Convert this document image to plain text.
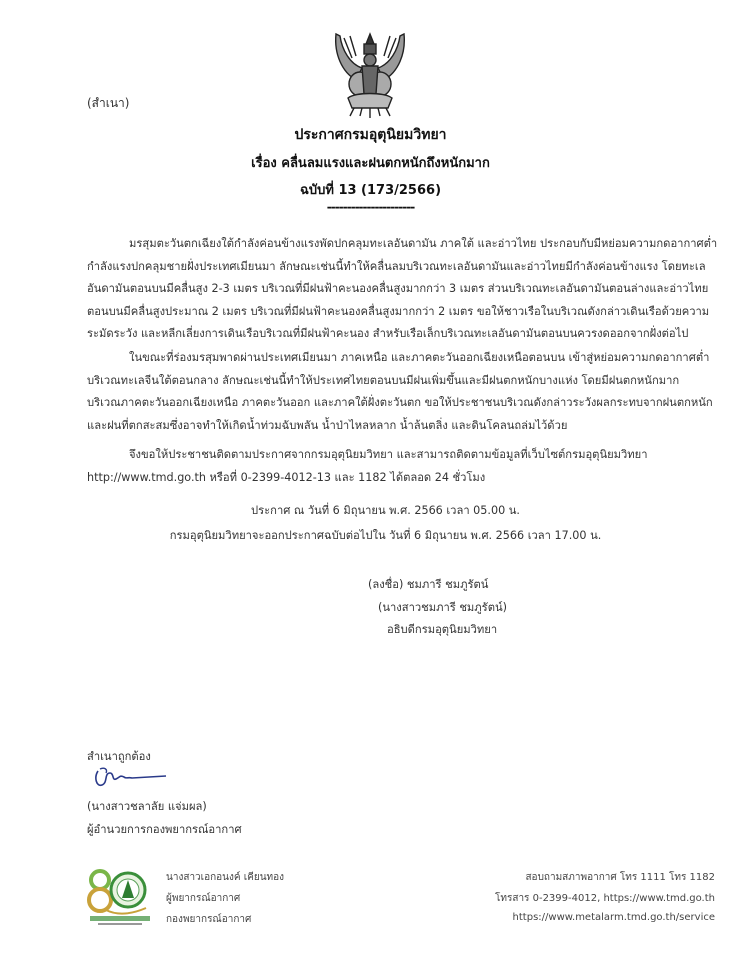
(สำเนา)
ประกาศกรมอุตุนิยมวิทยา
เรื่อง คลื่นลมแรงและฝนตกหนักถึงหนักมาก
ฉบับที่ 13 (173/2566)
----------------------
มรสุมตะวันตกเฉียงใต้กำลังค่อนข้างแรงพัดปกคลุมทะเลอันดามัน ภาคใต้ และอ่าวไทย ประกอบกับมีหย่อมความกดอากาศต่ำ
กำลังแรงปกคลุมชายฝั่งประเทศเมียนมา ลักษณะเช่นนี้ทำให้คลื่นลมบริเวณทะเลอันดามันและอ่าวไทยมีกำลังค่อนข้างแรง โดยทะเล
อันดามันตอนบนมีคลื่นสูง 2-3 เมตร บริเวณที่มีฝนฟ้าคะนองคลื่นสูงมากกว่า 3 เมตร ส่วนบริเวณทะเลอันดามันตอนล่างและอ่าวไทย
ตอนบนมีคลื่นสูงประมาณ 2 เมตร บริเวณที่มีฝนฟ้าคะนองคลื่นสูงมากกว่า 2 เมตร ขอให้ชาวเรือในบริเวณดังกล่าวเดินเรือด้วยความ
ระมัดระวัง และหลีกเลี่ยงการเดินเรือบริเวณที่มีฝนฟ้าคะนอง สำหรับเรือเล็กบริเวณทะเลอันดามันตอนบนควรงดออกจากฝั่งต่อไป
ในขณะที่ร่องมรสุมพาดผ่านประเทศเมียนมา ภาคเหนือ และภาคตะวันออกเฉียงเหนือตอนบน เข้าสู่หย่อมความกดอากาศต่ำ
บริเวณทะเลจีนใต้ตอนกลาง ลักษณะเช่นนี้ทำให้ประเทศไทยตอนบนมีฝนเพิ่มขึ้นและมีฝนตกหนักบางแห่ง โดยมีฝนตกหนักมาก
บริเวณภาคตะวันออกเฉียงเหนือ ภาคตะวันออก และภาคใต้ฝั่งตะวันตก ขอให้ประชาชนบริเวณดังกล่าวระวังผลกระทบจากฝนตกหนัก
และฝนที่ตกสะสมซึ่งอาจทำให้เกิดน้ำท่วมฉับพลัน น้ำป่าไหลหลาก น้ำล้นตลิ่ง และดินโคลนถล่มไว้ด้วย
จึงขอให้ประชาชนติดตามประกาศจากกรมอุตุนิยมวิทยา และสามารถติดตามข้อมูลที่เว็บไซต์กรมอุตุนิยมวิทยา
http://www.tmd.go.th หรือที่ 0-2399-4012-13 และ 1182 ได้ตลอด 24 ชั่วโมง
ประกาศ ณ วันที่ 6 มิถุนายน พ.ศ. 2566 เวลา 05.00 น.
กรมอุตุนิยมวิทยาจะออกประกาศฉบับต่อไปใน วันที่ 6 มิถุนายน พ.ศ. 2566 เวลา 17.00 น.
(ลงชื่อ) ชมภารี ชมภูรัตน์
(นางสาวชมภารี ชมภูรัตน์)
อธิบดีกรมอุตุนิยมวิทยา
สำเนาถูกต้อง
(นางสาวชลาลัย แจ่มผล)
ผู้อำนวยการกองพยากรณ์อากาศ
นางสาวเอกอนงค์ เคียนทอง
ผู้พยากรณ์อากาศ
กองพยากรณ์อากาศ
สอบถามสภาพอากาศ โทร 1111 โทร 1182
โทรสาร 0-2399-4012, https://www.tmd.go.th
https://www.metalarm.tmd.go.th/service
